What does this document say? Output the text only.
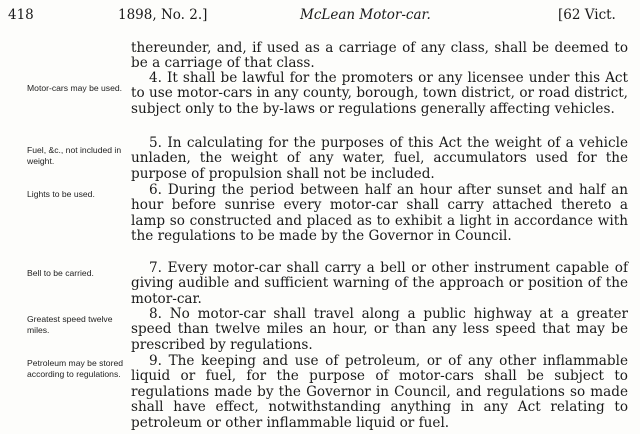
418	1898, No. 2.]	McLean Motor-car.	[62 Vict.

thereunder, and, if used as a carriage of any class, shall be deemed to be a carriage of that class.

Motor-cars may be used.

4. It shall be lawful for the promoters or any licensee under this Act to use motor-cars in any county, borough, town district, or road district, subject only to the by-laws or regulations generally affecting vehicles.

Fuel, &c., not included in weight.

5. In calculating for the purposes of this Act the weight of a vehicle unladen, the weight of any water, fuel, accumulators used for the purpose of propulsion shall not be included.

Lights to be used.	6. During the period between half an hour after sunset and half an hour before sunrise every motor-car shall carry attached thereto a lamp so constructed and placed as to exhibit a light in accordance with the regulations to be made by the Governor in Council.

Bell to be carried.	7. Every motor-car shall carry a bell or other instrument capable of giving audible and sufficient warning of the approach or position of the motor-car.

Greatest speed twelve miles.

8. No motor-car shall travel along a public highway at a greater speed than twelve miles an hour, or than any less speed that may be prescribed by regulations.

Petroleum may be stored according to regulations.

9. The keeping and use of petroleum, or of any other inflammable liquid or fuel, for the purpose of motor-cars shall be subject to regulations made by the Governor in Council, and regulations so made shall have effect, notwithstanding anything in any Act relating to petroleum or other inflammable liquid or fuel.
